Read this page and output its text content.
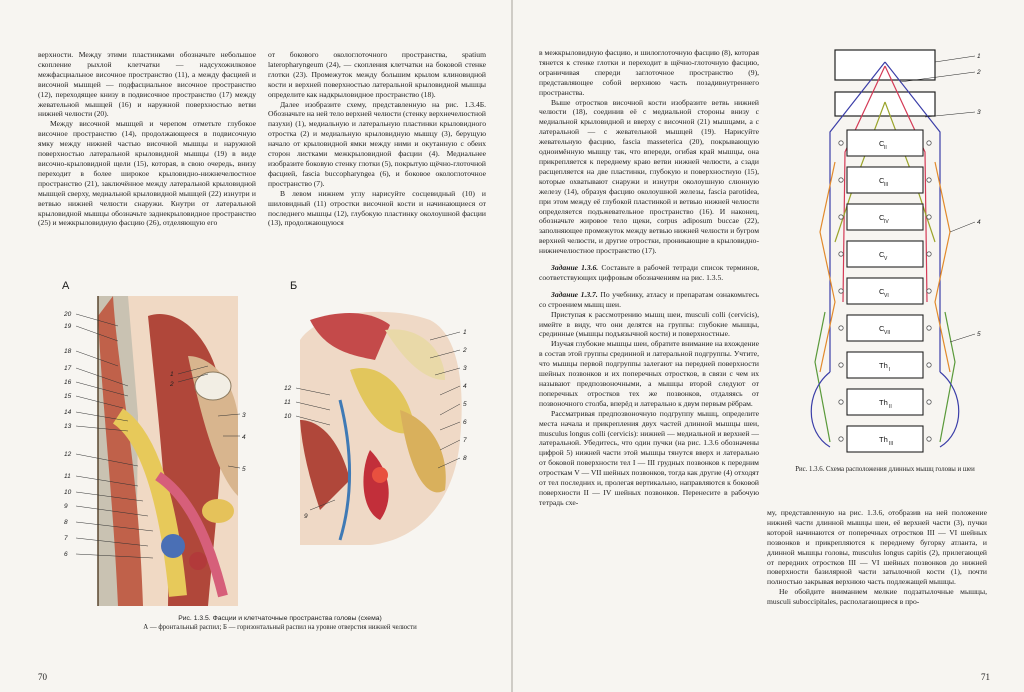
верхности. Между этими пластинками обозначьте небольшое скопление рыхлой клетчатки — надсухожилковое межфасциальное височное пространство (11), а между фасцией и височной мышцей — подфасциальное височное пространство (12), переходящее книзу в подвисочное пространство (17) между жевательной мышцей (16) и наружной поверхностью ветви нижней челюсти (20).

Между височной мышцей и черепом отметьте глубокое височное пространство (14), продолжающееся в подвисочную ямку между нижней частью височной мышцы и наружной поверхностью латеральной крыловидной мышцы (19) в виде височно-крыловидной щели (15), которая, в свою очередь, внизу переходит в более широкое крыловидно-нижнечелюстное пространство (21), заключённое между латеральной крыловидной мышцей сверху, медиальной крыловидной мышцей (22) изнутри и ветвью нижней челюсти снаружи. Кнутри от латеральной крыловидной мышцы обозначьте заднекрыловидное пространство (25) и межкрыловидную фасцию (26), отделяющую его

от бокового окологлоточного пространства, spatium lateropharyngeum (24), — скопления клетчатки на боковой стенке глотки (23). Промежуток между большим крылом клиновидной кости и верхней поверхностью латеральной крыловидной мышцы определите как надкрыловидное пространство (18).

Далее изобразите схему, представленную на рис. 1.3.4Б. Обозначьте на ней тело верхней челюсти (стенку верхнечелюстной пазухи) (1), медиальную и латеральную пластинки крыловидного отростка (2) и медиальную крыловидную мышцу (3), берущую начало от крыловидной ямки между ними и окутанную с обеих сторон листками межкрыловидной фасции (4). Медиальнее изобразите боковую стенку глотки (5), покрытую щёчно-глоточной фасцией, fascia buccopharyngea (6), и боковое окологлоточное пространство (7).

В левом нижнем углу нарисуйте сосцевидный (10) и шиловидный (11) отростки височной кости и начинающиеся от последнего мышцы (12), глубокую пластинку околоушной фасции (13), продолжающуюся

А	Б
20
19
18
17
16
15
14
13
12
11
10
9
8
7
6
1
2
3
4
5
12
11
10
9
1
2
3
4
5
6
7
8
Рис. 1.3.5. Фасции и клетчаточные пространства головы (схема)
А — фронтальный распил; Б — горизонтальный распил на уровне отверстия нижней челюсти
70

в межкрыловидную фасцию, и шилоглоточную фасцию (8), которая тянется к стенке глотки и переходит в щёчно-глоточную фасцию, ограничивая спереди заглоточное пространство (9), представляющее собой верхнюю часть позадивнутреннего пространства.

Выше отростков височной кости изобразите ветвь нижней челюсти (18), соединив её с медиальной стороны внизу с медиальной крыловидной и вверху с височной (21) мышцами, а с латеральной — с жевательной мышцей (19). Нарисуйте жевательную фасцию, fascia masseterica (20), покрывающую одноимённую мышцу так, что впереди, огибая край мышцы, она прикрепляется к переднему краю ветви нижней челюсти, а сзади расщепляется на две пластинки, глубокую и поверхностную (15), которые охватывают снаружи и изнутри околоушную слюнную железу (14), образуя фасцию околоушной железы, fascia parotidea, при этом между её глубокой пластинкой и ветвью нижней челюсти определяется подъжевательное пространство (16). И наконец, обозначьте жировое тело щеки, corpus adiposum buccae (22), заполняющее промежуток между ветвью нижней челюсти и бугром верхней челюсти, и другие отростки, проникающие в крыловидно-нижнечелюстное пространство (17).

Задание 1.3.6. Составьте в рабочей тетради список терминов, соответствующих цифровым обозначениям на рис. 1.3.5.

Задание 1.3.7. По учебнику, атласу и препаратам ознакомьтесь со строением мышц шеи.

Приступая к рассмотрению мышц шеи, musculi colli (cervicis), имейте в виду, что они делятся на группы: глубокие мышцы, срединные (мышцы подъязычной кости) и поверхностные.

Изучая глубокие мышцы шеи, обратите внимание на вхождение в состав этой группы срединной и латеральной подгруппы. Учтите, что мышцы первой подгруппы залегают на передней поверхности шейных позвонков и их поперечных отростков, в связи с чем их называют предпозвоночными, а мышцы второй следуют от поперечных отростков тех же позвонков, отдаляясь от позвоночного столба, вперёд и латерально к двум первым рёбрам.

Рассматривая предпозвоночную подгруппу мышц, определите места начала и прикрепления двух частей длинной мышцы шеи, musculus longus colli (cervicis): нижней — медиальной и верхней — латеральной. Убедитесь, что один пучки (на рис. 1.3.6 обозначены цифрой 5) нижней части этой мышцы тянутся вверх и латерально от боковой поверхности тел I — III грудных позвонков к передним отросткам V — VII шейных позвонков, тогда как другие (4) отходят от тел последних и, пролегая вертикально, направляются к боковой поверхности II — IV шейных позвонков. Перенесите в рабочую тетрадь схе-

1
2
3
4
5
C II
C III
C IV
C V
C VI
C VII
Th I
Th II
Th III
Рис. 1.3.6. Схема расположения длинных мышц головы и шеи

му, представленную на рис. 1.3.6, отобразив на ней положение нижней части длинной мышцы шеи, её верхней части (3), пучки которой начинаются от поперечных отростков III — VI шейных позвонков и прикрепляются к переднему бугорку атланта, и длинной мышцы головы, musculus longus capitis (2), прилегающей от передних отростков III — VI шейных позвонков до нижней поверхности базилярной части затылочной кости (1), почти полностью закрывая верхнюю часть подлежащей мышцы.

Не обойдите вниманием мелкие подзатылочные мышцы, musculi suboccipitales, располагающиеся в про-

71
